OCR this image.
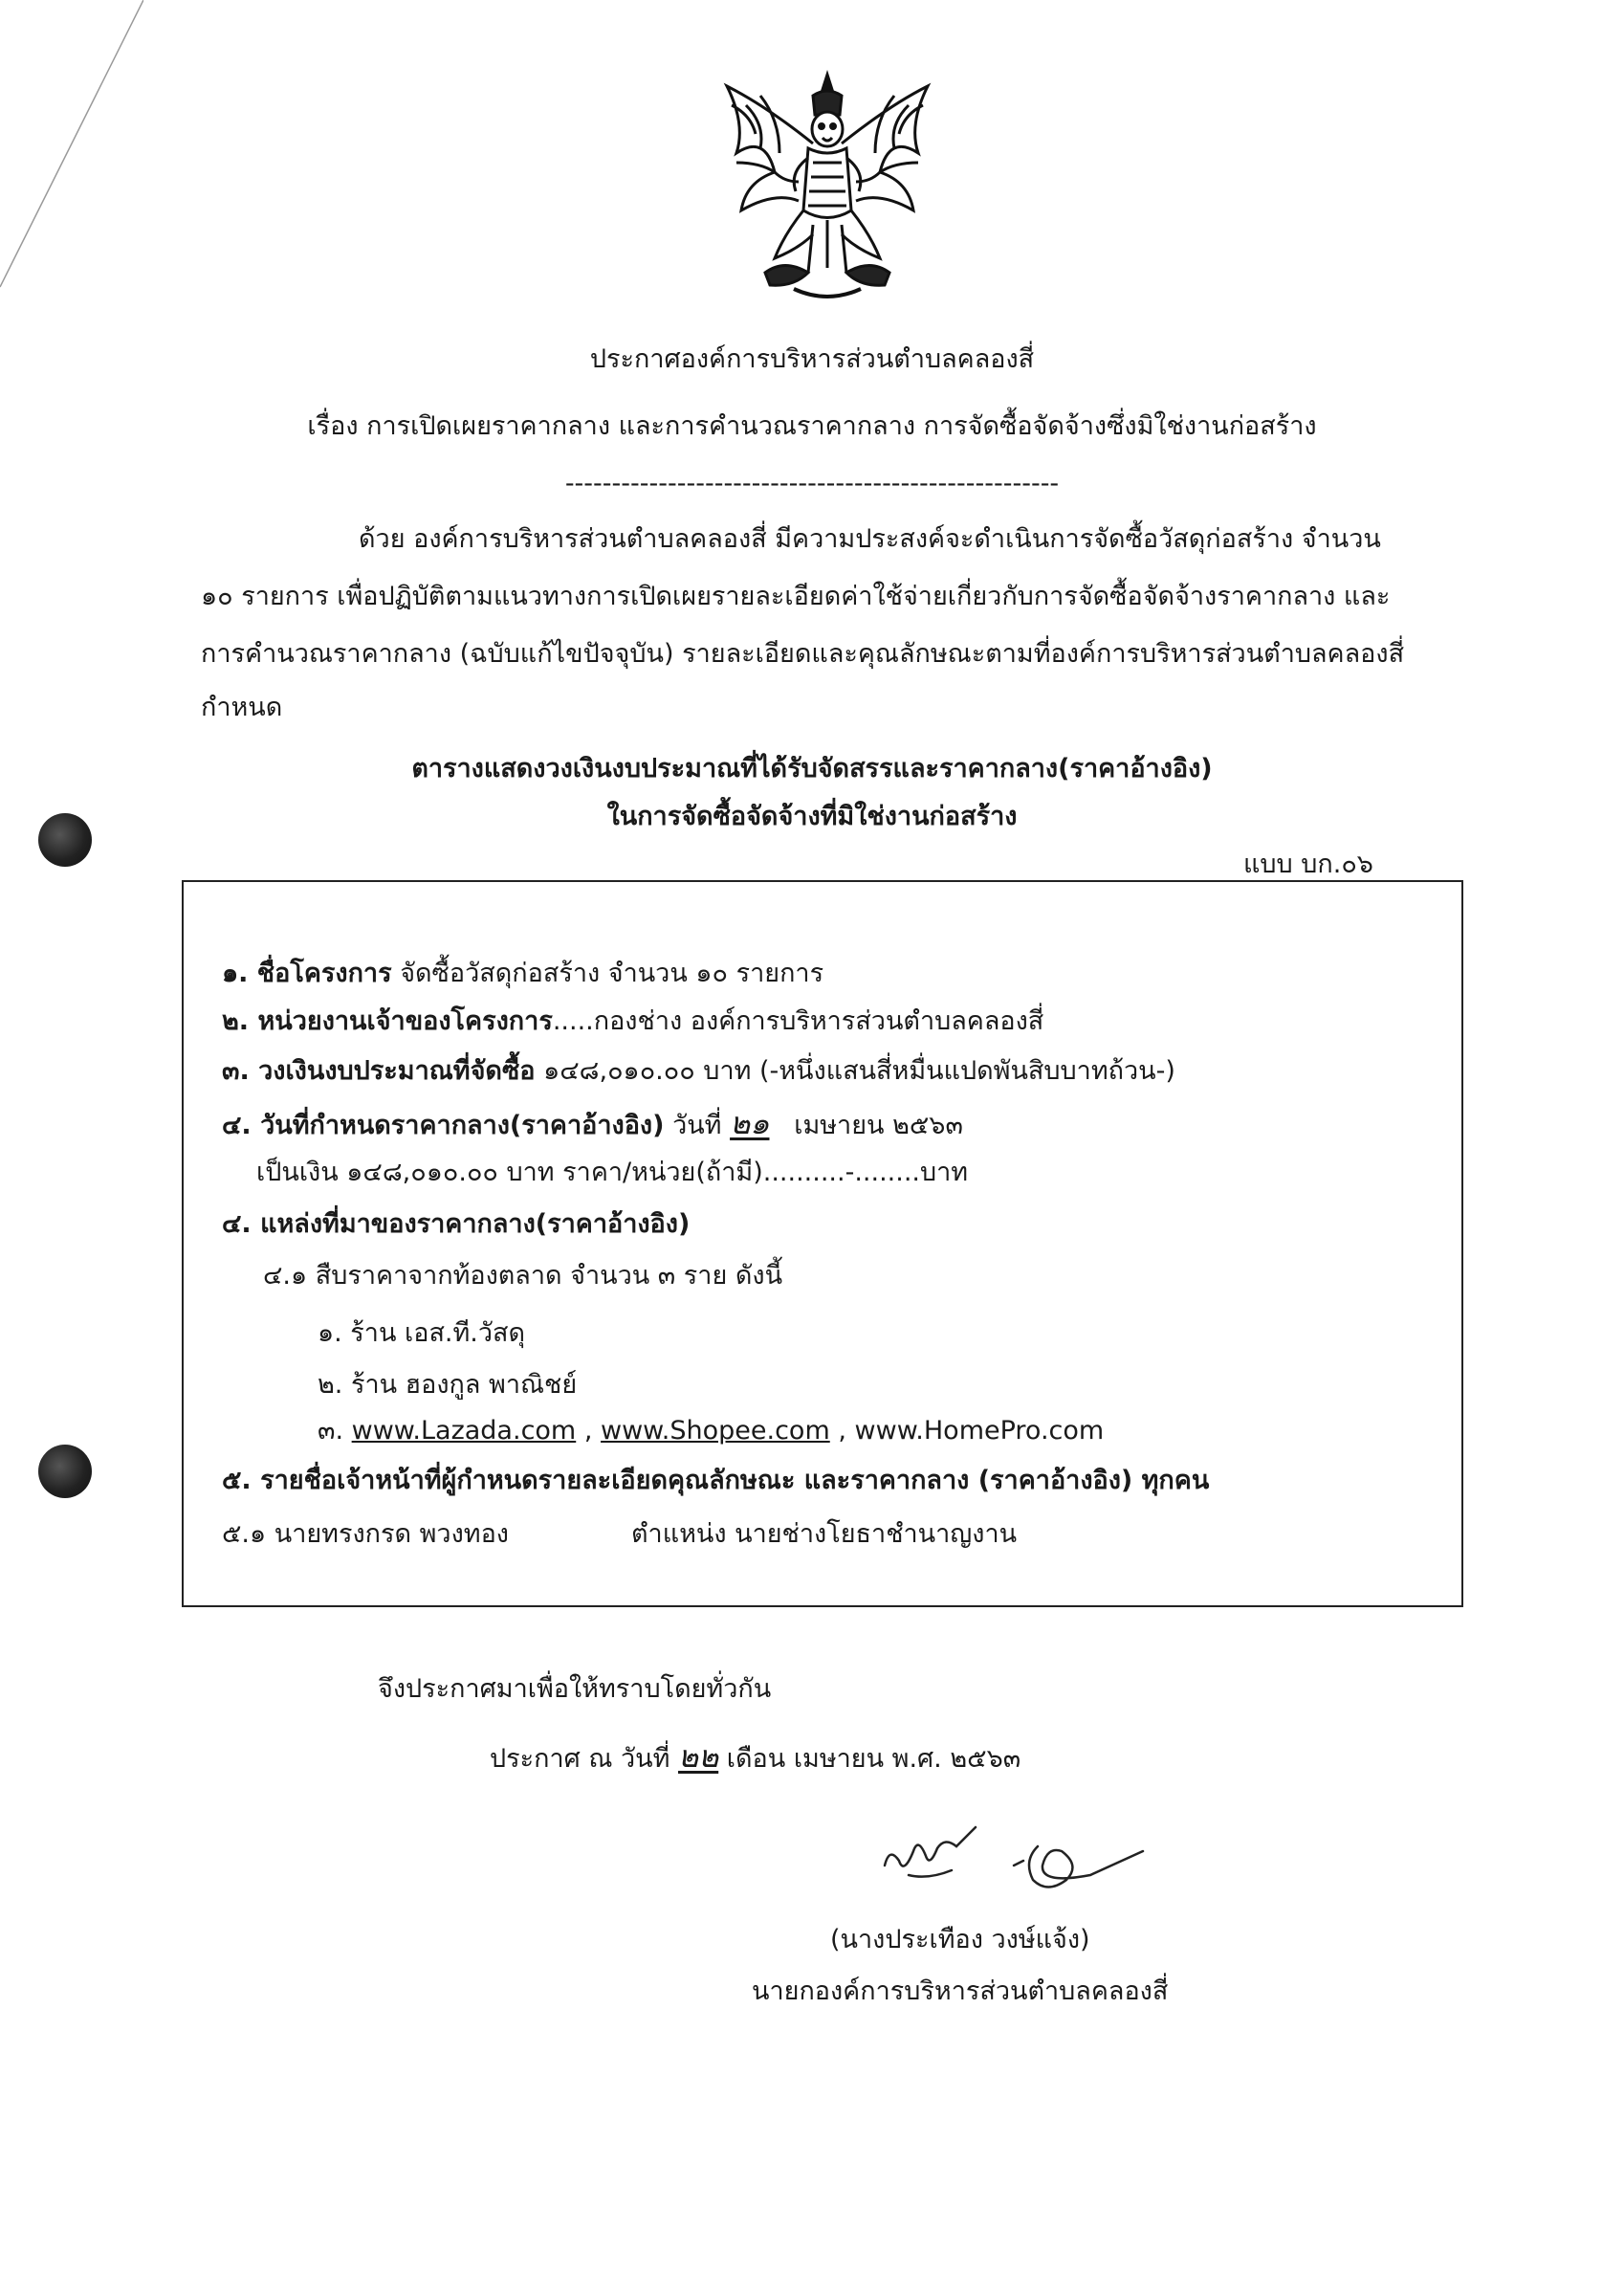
ประกาศองค์การบริหารส่วนตำบลคลองสี่
เรื่อง การเปิดเผยราคากลาง และการคำนวณราคากลาง การจัดซื้อจัดจ้างซึ่งมิใช่งานก่อสร้าง
-----------------------------------------------------
ด้วย องค์การบริหารส่วนตำบลคลองสี่ มีความประสงค์จะดำเนินการจัดซื้อวัสดุก่อสร้าง จำนวน
๑๐ รายการ เพื่อปฏิบัติตามแนวทางการเปิดเผยรายละเอียดค่าใช้จ่ายเกี่ยวกับการจัดซื้อจัดจ้างราคากลาง และ
การคำนวณราคากลาง (ฉบับแก้ไขปัจจุบัน) รายละเอียดและคุณลักษณะตามที่องค์การบริหารส่วนตำบลคลองสี่
กำหนด
ตารางแสดงวงเงินงบประมาณที่ได้รับจัดสรรและราคากลาง(ราคาอ้างอิง)
ในการจัดซื้อจัดจ้างที่มิใช่งานก่อสร้าง
แบบ บก.๐๖
๑. ชื่อโครงการ จัดซื้อวัสดุก่อสร้าง จำนวน ๑๐ รายการ
๒. หน่วยงานเจ้าของโครงการ.....กองช่าง องค์การบริหารส่วนตำบลคลองสี่
๓. วงเงินงบประมาณที่จัดซื้อ ๑๔๘,๐๑๐.๐๐ บาท (-หนึ่งแสนสี่หมื่นแปดพันสิบบาทถ้วน-)
๔. วันที่กำหนดราคากลาง(ราคาอ้างอิง) วันที่ ๒๑ เมษายน ๒๕๖๓
เป็นเงิน ๑๔๘,๐๑๐.๐๐ บาท ราคา/หน่วย(ถ้ามี)..........-........บาท
๔. แหล่งที่มาของราคากลาง(ราคาอ้างอิง)
๔.๑ สืบราคาจากท้องตลาด จำนวน ๓ ราย ดังนี้
๑. ร้าน เอส.ที.วัสดุ
๒. ร้าน ฮองกูล พาณิชย์
๓. www.Lazada.com , www.Shopee.com , www.HomePro.com
๕. รายชื่อเจ้าหน้าที่ผู้กำหนดรายละเอียดคุณลักษณะ และราคากลาง (ราคาอ้างอิง) ทุกคน
๕.๑ นายทรงกรด พวงทอง	ตำแหน่ง นายช่างโยธาชำนาญงาน
จึงประกาศมาเพื่อให้ทราบโดยทั่วกัน
ประกาศ ณ วันที่ ๒๒ เดือน เมษายน พ.ศ. ๒๕๖๓
(นางประเทือง วงษ์แจ้ง)
นายกองค์การบริหารส่วนตำบลคลองสี่
